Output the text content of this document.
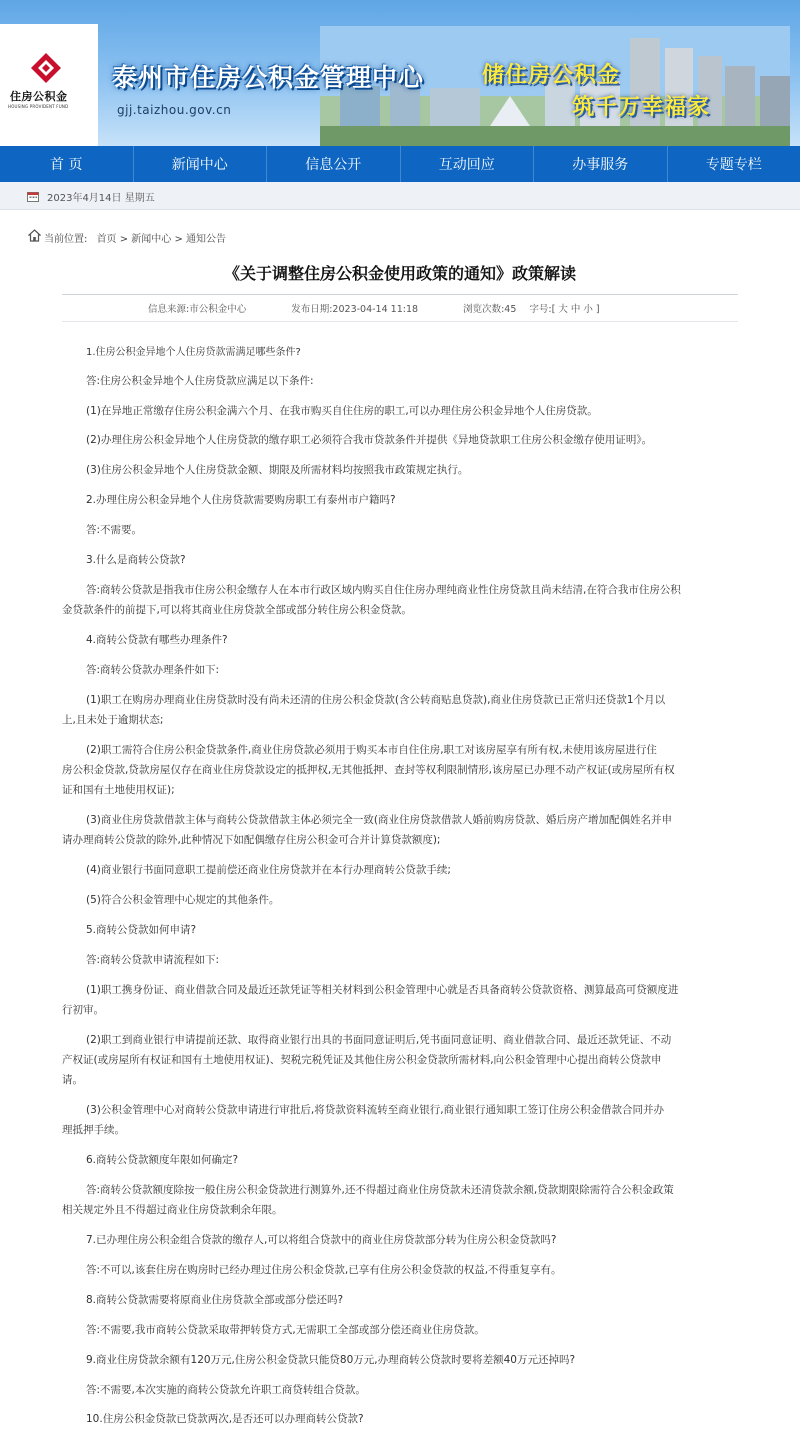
住房公积金
HOUSING PROVIDENT FUND
泰州市住房公积金管理中心
gjj.taizhou.gov.cn
储住房公积金
筑千万幸福家
首 页	新闻中心	信息公开	互动回应	办事服务	专题专栏
2023年4月14日 星期五
当前位置: 首页 > 新闻中心 > 通知公告
《关于调整住房公积金使用政策的通知》政策解读
信息来源:市公积金中心	发布日期:2023-04-14 11:18	浏览次数:45 字号:[ 大 中 小 ]
1.住房公积金异地个人住房贷款需满足哪些条件?
答:住房公积金异地个人住房贷款应满足以下条件:
(1)在异地正常缴存住房公积金满六个月、在我市购买自住住房的职工,可以办理住房公积金异地个人住房贷款。
(2)办理住房公积金异地个人住房贷款的缴存职工必须符合我市贷款条件并提供《异地贷款职工住房公积金缴存使用证明》。
(3)住房公积金异地个人住房贷款金额、期限及所需材料均按照我市政策规定执行。
2.办理住房公积金异地个人住房贷款需要购房职工有泰州市户籍吗?
答:不需要。
3.什么是商转公贷款?
答:商转公贷款是指我市住房公积金缴存人在本市行政区域内购买自住住房办理纯商业性住房贷款且尚未结清,在符合我市住房公积
金贷款条件的前提下,可以将其商业住房贷款全部或部分转住房公积金贷款。
4.商转公贷款有哪些办理条件?
答:商转公贷款办理条件如下:
(1)职工在购房办理商业住房贷款时没有尚未还清的住房公积金贷款(含公转商贴息贷款),商业住房贷款已正常归还贷款1个月以
上,且未处于逾期状态;
(2)职工需符合住房公积金贷款条件,商业住房贷款必须用于购买本市自住住房,职工对该房屋享有所有权,未使用该房屋进行住
房公积金贷款,贷款房屋仅存在商业住房贷款设定的抵押权,无其他抵押、查封等权利限制情形,该房屋已办理不动产权证(或房屋所有权
证和国有土地使用权证);
(3)商业住房贷款借款主体与商转公贷款借款主体必须完全一致(商业住房贷款借款人婚前购房贷款、婚后房产增加配偶姓名并申
请办理商转公贷款的除外,此种情况下如配偶缴存住房公积金可合并计算贷款额度);
(4)商业银行书面同意职工提前偿还商业住房贷款并在本行办理商转公贷款手续;
(5)符合公积金管理中心规定的其他条件。
5.商转公贷款如何申请?
答:商转公贷款申请流程如下:
(1)职工携身份证、商业借款合同及最近还款凭证等相关材料到公积金管理中心就是否具备商转公贷款资格、测算最高可贷额度进
行初审。
(2)职工到商业银行申请提前还款、取得商业银行出具的书面同意证明后,凭书面同意证明、商业借款合同、最近还款凭证、不动
产权证(或房屋所有权证和国有土地使用权证)、契税完税凭证及其他住房公积金贷款所需材料,向公积金管理中心提出商转公贷款申
请。
(3)公积金管理中心对商转公贷款申请进行审批后,将贷款资料流转至商业银行,商业银行通知职工签订住房公积金借款合同并办
理抵押手续。
6.商转公贷款额度年限如何确定?
答:商转公贷款额度除按一般住房公积金贷款进行测算外,还不得超过商业住房贷款未还清贷款余额,贷款期限除需符合公积金政策
相关规定外且不得超过商业住房贷款剩余年限。
7.已办理住房公积金组合贷款的缴存人,可以将组合贷款中的商业住房贷款部分转为住房公积金贷款吗?
答:不可以,该套住房在购房时已经办理过住房公积金贷款,已享有住房公积金贷款的权益,不得重复享有。
8.商转公贷款需要将原商业住房贷款全部或部分偿还吗?
答:不需要,我市商转公贷款采取带押转贷方式,无需职工全部或部分偿还商业住房贷款。
9.商业住房贷款余额有120万元,住房公积金贷款只能贷80万元,办理商转公贷款时要将差额40万元还掉吗?
答:不需要,本次实施的商转公贷款允许职工商贷转组合贷款。
10.住房公积金贷款已贷款两次,是否还可以办理商转公贷款?
